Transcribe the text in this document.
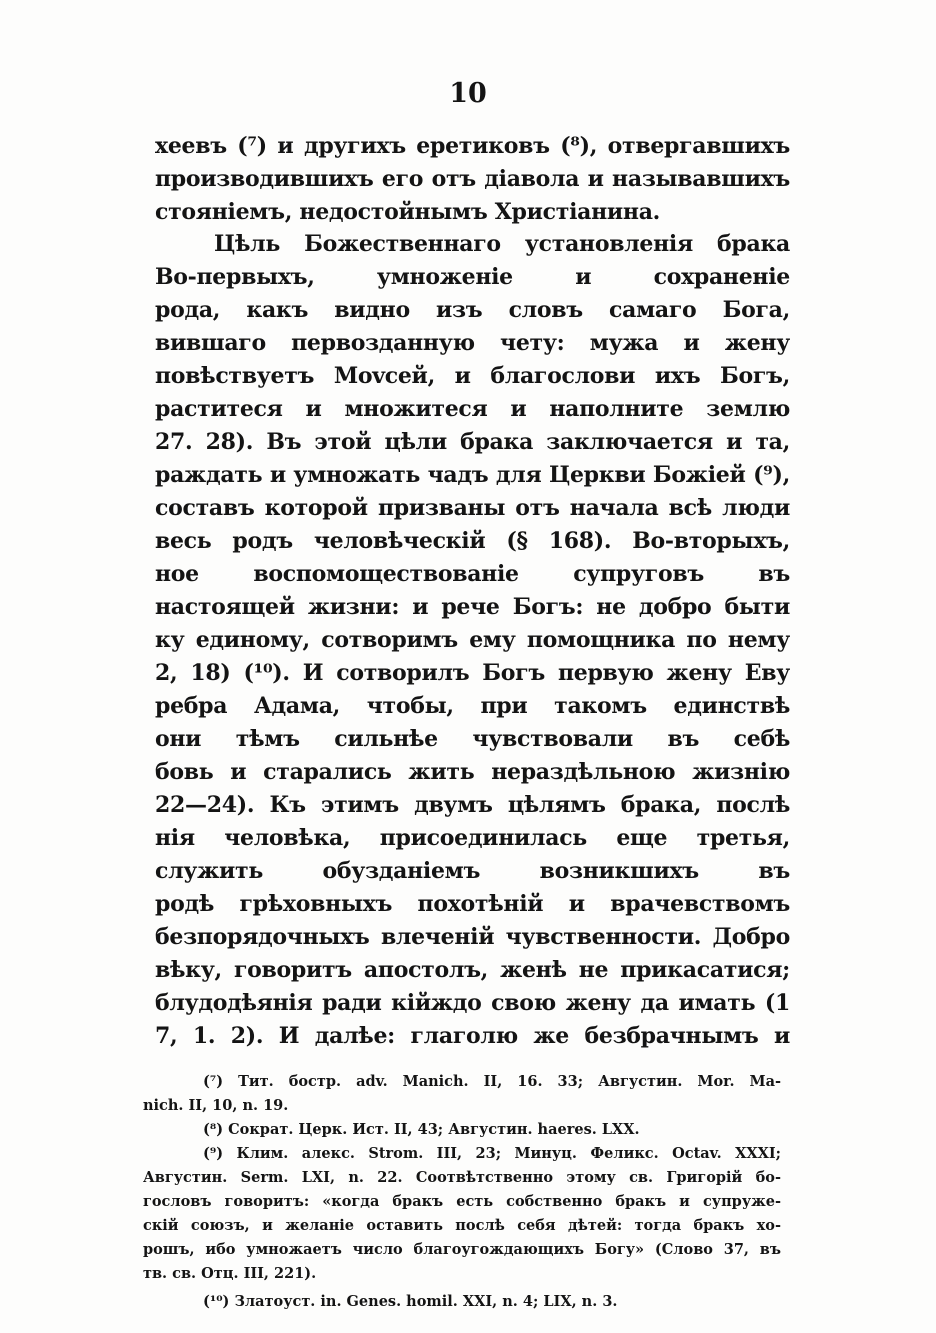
10
хеевъ (⁷) и другихъ еретиковъ (⁸), отвергавшихъ
производившихъ его отъ діавола и называвшихъ
стояніемъ, недостойнымъ Христіанина.
Цѣль Божественнаго установленія брака
Во-первыхъ, умноженіе и сохраненіе
рода, какъ видно изъ словъ самаго Бога,
вившаго первозданную чету: мужа и жену
повѣствуетъ Моvсей, и благослови ихъ Богъ,
раститеся и множитеся и наполните землю
27. 28). Въ этой цѣли брака заключается и та,
раждать и умножать чадъ для Церкви Божіей (⁹),
составъ которой призваны отъ начала всѣ люди
весь родъ человѣческій (§ 168). Во-вторыхъ,
ное воспомоществованіе супруговъ въ
настоящей жизни: и рече Богъ: не добро быти
ку единому, сотворимъ ему помощника по нему
2, 18) (¹⁰). И сотворилъ Богъ первую жену Еву
ребра Адама, чтобы, при такомъ единствѣ
они тѣмъ сильнѣе чувствовали въ себѣ
бовь и старались жить нераздѣльною жизнію
22—24). Къ этимъ двумъ цѣлямъ брака, послѣ
нія человѣка, присоединилась еще третья,
служить обузданіемъ возникшихъ въ
родѣ грѣховныхъ похотѣній и врачевствомъ
безпорядочныхъ влеченій чувственности. Добро
вѣку, говоритъ апостолъ, женѣ не прикасатися;
блудодѣянія ради кійждо свою жену да имать (1
7, 1. 2). И далѣе: глаголю же безбрачнымъ и
(⁷) Тит. бостр. adv. Manich. II, 16. 33; Августин. Mor. Ma-
nich. II, 10, n. 19.
(⁸) Сократ. Церк. Ист. II, 43; Августин. haeres. LXX.
(⁹) Клим. алекс. Strom. III, 23; Минуц. Феликс. Octav. XXXI;
Августин. Serm. LXI, n. 22. Соотвѣтственно этому св. Григорій бо-
гословъ говоритъ: «когда бракъ есть собственно бракъ и супруже-
скій союзъ, и желаніе оставить послѣ себя дѣтей: тогда бракъ хо-
рошъ, ибо умножаетъ число благоугождающихъ Богу» (Слово 37, въ
тв. св. Отц. III, 221).
(¹⁰) Златоуст. in. Genes. homil. XXI, n. 4; LIX, n. 3.
